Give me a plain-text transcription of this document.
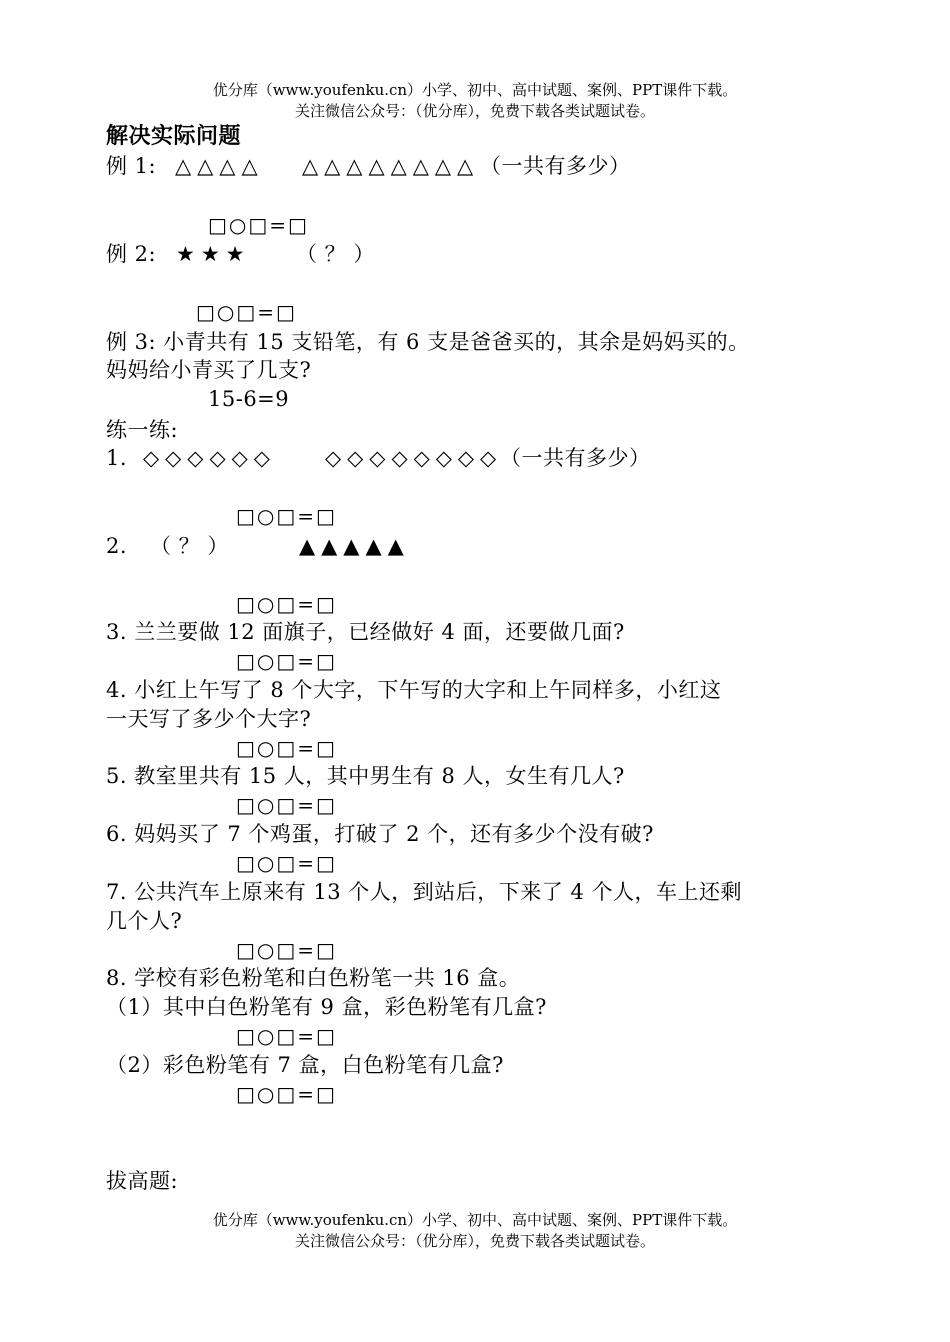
优分库（www.youfenku.cn）小学、初中、高中试题、案例、PPT课件下载。
关注微信公众号：（优分库），免费下载各类试题试卷。
解决实际问题
例 1: △△△△ △△△△△△△△ （一共有多少）
□○□=□
例 2: ★★★ （ ？ ）
□○□=□
例 3: 小青共有 15 支铅笔，有 6 支是爸爸买的，其余是妈妈买的。
妈妈给小青买了几支?
15-6=9
练一练:
1. ◇◇◇◇◇◇ ◇◇◇◇◇◇◇◇
（一共有多少）
□○□=□
2. （ ？ ）	▲▲▲▲▲
□○□=□
3. 兰兰要做 12 面旗子，已经做好 4 面，还要做几面?
□○□=□
4. 小红上午写了 8 个大字，下午写的大字和上午同样多，小红这
一天写了多少个大字?
□○□=□
5. 教室里共有 15 人，其中男生有 8 人，女生有几人?
□○□=□
6. 妈妈买了 7 个鸡蛋，打破了 2 个，还有多少个没有破?
□○□=□
7. 公共汽车上原来有 13 个人，到站后，下来了 4 个人，车上还剩
几个人?
□○□=□
8. 学校有彩色粉笔和白色粉笔一共 16 盒。
（1）其中白色粉笔有 9 盒，彩色粉笔有几盒?
□○□=□
（2）彩色粉笔有 7 盒，白色粉笔有几盒?
□○□=□
拔高题:
优分库（www.youfenku.cn）小学、初中、高中试题、案例、PPT课件下载。
关注微信公众号：（优分库），免费下载各类试题试卷。
